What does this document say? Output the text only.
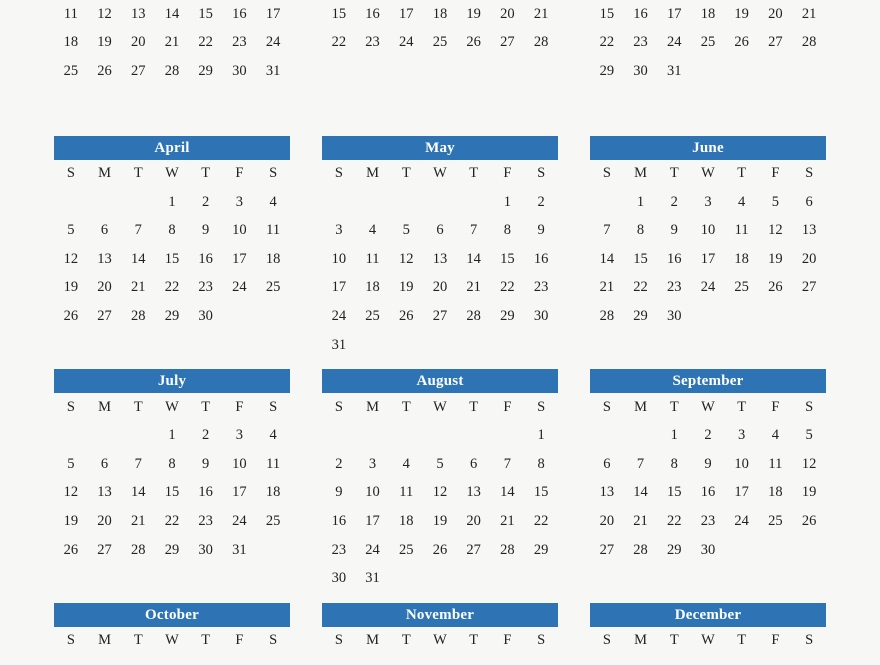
11	12	13	14	15	16	17
18	19	20	21	22	23	24
25	26	27	28	29	30	31
15	16	17	18	19	20	21
22	23	24	25	26	27	28

15	16	17	18	19	20	21
22	23	24	25	26	27	28
29	30	31				
April
S	M	T	W	T	F	S
			1	2	3	4
5	6	7	8	9	10	11
12	13	14	15	16	17	18
19	20	21	22	23	24	25
26	27	28	29	30		
May
S	M	T	W	T	F	S
					1	2
3	4	5	6	7	8	9
10	11	12	13	14	15	16
17	18	19	20	21	22	23
24	25	26	27	28	29	30
31						
June
S	M	T	W	T	F	S
	1	2	3	4	5	6
7	8	9	10	11	12	13
14	15	16	17	18	19	20
21	22	23	24	25	26	27
28	29	30				
July
S	M	T	W	T	F	S
			1	2	3	4
5	6	7	8	9	10	11
12	13	14	15	16	17	18
19	20	21	22	23	24	25
26	27	28	29	30	31	
August
S	M	T	W	T	F	S
						1
2	3	4	5	6	7	8
9	10	11	12	13	14	15
16	17	18	19	20	21	22
23	24	25	26	27	28	29
30	31					
September
S	M	T	W	T	F	S
		1	2	3	4	5
6	7	8	9	10	11	12
13	14	15	16	17	18	19
20	21	22	23	24	25	26
27	28	29	30			
October
S	M	T	W	T	F	S
November
S	M	T	W	T	F	S
December
S	M	T	W	T	F	S
